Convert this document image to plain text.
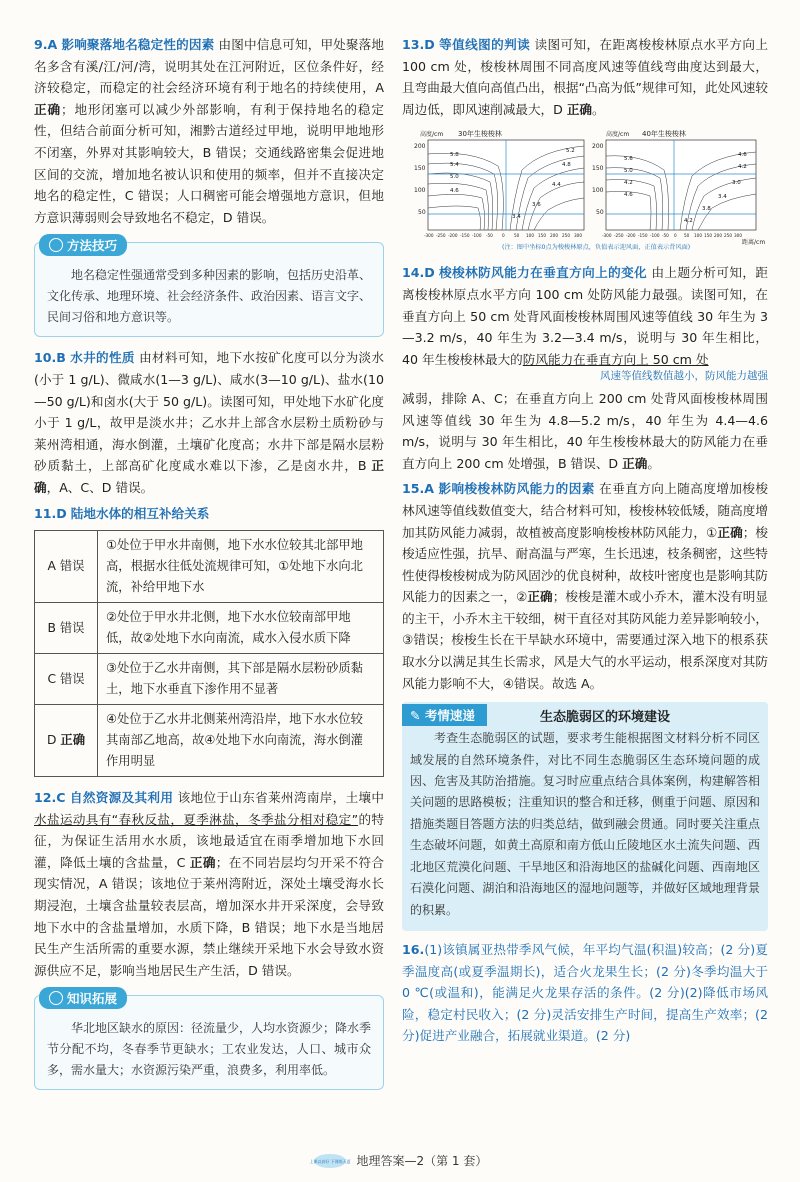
9.A 影响聚落地名稳定性的因素 由图中信息可知，甲处聚落地名多含有溪/江/河/湾，说明其处在江河附近，区位条件好，经济较稳定，而稳定的社会经济环境有利于地名的持续使用，A 正确；地形闭塞可以减少外部影响，有利于保持地名的稳定性，但结合前面分析可知，湘黔古道经过甲地，说明甲地地形不闭塞，外界对其影响较大，B 错误；交通线路密集会促进地区间的交流，增加地名被认识和使用的频率，但并不直接决定地名的稳定性，C 错误；人口稠密可能会增强地方意识，但地方意识薄弱则会导致地名不稳定，D 错误。

方法技巧

地名稳定性强通常受到多种因素的影响，包括历史沿革、文化传承、地理环境、社会经济条件、政治因素、语言文字、民间习俗和地方意识等。

10.B 水井的性质 由材料可知，地下水按矿化度可以分为淡水(小于 1 g/L)、微咸水(1—3 g/L)、咸水(3—10 g/L)、盐水(10—50 g/L)和卤水(大于 50 g/L)。读图可知，甲处地下水矿化度小于 1 g/L，故甲是淡水井；乙水井上部含水层粉土质粉砂与莱州湾相通，海水倒灌，土壤矿化度高；水井下部是隔水层粉砂质黏土，上部高矿化度咸水难以下渗，乙是卤水井，B 正确，A、C、D 错误。

11.D 陆地水体的相互补给关系

A 错误	①处位于甲水井南侧，地下水水位较其北部甲地高，根据水往低处流规律可知，①处地下水向北流，补给甲地下水
B 错误	②处位于甲水井北侧，地下水水位较南部甲地低，故②处地下水向南流，咸水入侵水质下降
C 错误	③处位于乙水井南侧，其下部是隔水层粉砂质黏土，地下水垂直下渗作用不显著
D 正确	④处位于乙水井北侧莱州湾沿岸，地下水水位较其南部乙地高，故④处地下水向南流，海水倒灌作用明显

12.C 自然资源及其利用 该地位于山东省莱州湾南岸，土壤中水盐运动具有“春秋反盐，夏季淋盐，冬季盐分相对稳定”的特征，为保证生活用水水质，该地最适宜在雨季增加地下水回灌，降低土壤的含盐量，C 正确；在不同岩层均匀开采不符合现实情况，A 错误；该地位于莱州湾附近，深处土壤受海水长期浸泡，土壤含盐量较表层高，增加深水井开采深度，会导致地下水中的含盐量增加，水质下降，B 错误；地下水是当地居民生产生活所需的重要水源，禁止继续开采地下水会导致水资源供应不足，影响当地居民生产生活，D 错误。

知识拓展

华北地区缺水的原因：径流量少，人均水资源少；降水季节分配不均，冬春季节更缺水；工农业发达，人口、城市众多，需水量大；水资源污染严重，浪费多，利用率低。

13.D 等值线图的判读 读图可知，在距离梭梭林原点水平方向上 100 cm 处，梭梭林周围不同高度风速等值线弯曲度达到最大，且弯曲最大值向高值凸出，根据“凸高为低”规律可知，此处风速较周边低，即风速削减最大，D 正确。

高度/cm 30年生梭梭林	高度/cm 40年生梭梭林
200
150
100
50
200
150
100
50
5.8
5.4
5.0
4.6
3.4
3.6
4.4
4.8
5.2
5.6
5.0
4.2
4.6
4.2
3.8
3.4
3.0
4.6
4.2
-300 -250 -200 -150 -100 -50 0 50 100 150 200 250 300	-300 -250 -200 -150 -100 -50 0 50 100 150 200 250 300
距离/cm
(注：图中坐标0点为梭梭林原点，负值表示迎风面，正值表示背风面)

14.D 梭梭林防风能力在垂直方向上的变化 由上题分析可知，距离梭梭林原点水平方向 100 cm 处防风能力最强。读图可知，在垂直方向上 50 cm 处背风面梭梭林周围风速等值线 30 年生为 3—3.2 m/s，40 年生为 3.2—3.4 m/s，说明与 30 年生相比，40 年生梭梭林最大的防风能力在垂直方向上 50 cm 处

风速等值线数值越小，防风能力越强

减弱，排除 A、C；在垂直方向上 200 cm 处背风面梭梭林周围风速等值线 30 年生为 4.8—5.2 m/s，40 年生为 4.4—4.6 m/s，说明与 30 年生相比，40 年生梭梭林最大的防风能力在垂直方向上 200 cm 处增强，B 错误、D 正确。

15.A 影响梭梭林防风能力的因素 在垂直方向上随高度增加梭梭林风速等值线数值变大，结合材料可知，梭梭林较低矮，随高度增加其防风能力减弱，故植被高度影响梭梭林防风能力，①正确；梭梭适应性强，抗旱、耐高温与严寒，生长迅速，枝条稠密，这些特性使得梭梭树成为防风固沙的优良树种，故枝叶密度也是影响其防风能力的因素之一，②正确；梭梭是灌木或小乔木，灌木没有明显的主干，小乔木主干较细，树干直径对其防风能力差异影响较小，③错误；梭梭生长在干旱缺水环境中，需要通过深入地下的根系获取水分以满足其生长需求，风是大气的水平运动，根系深度对其防风能力影响不大，④错误。故选 A。

✎ 考情速递	生态脆弱区的环境建设

考查生态脆弱区的试题，要求考生能根据图文材料分析不同区域发展的自然环境条件，对比不同生态脆弱区生态环境问题的成因、危害及其防治措施。复习时应重点结合具体案例，构建解答相关问题的思路模板；注重知识的整合和迁移，侧重于问题、原因和措施类题目答题方法的归类总结，做到融会贯通。同时要关注重点生态破坏问题，如黄土高原和南方低山丘陵地区水土流失问题、西北地区荒漠化问题、干旱地区和沿海地区的盐碱化问题、西南地区石漠化问题、湖泊和沿海地区的湿地问题等，并做好区域地理背景的积累。

16.(1)该镇属亚热带季风气候，年平均气温(积温)较高；(2 分)夏季温度高(或夏季温期长)，适合火龙果生长；(2 分)冬季均温大于 0 ℃(或温和)，能满足火龙果存活的条件。(2 分)(2)降低市场风险，稳定村民收入；(2 分)灵活安排生产时间，提高生产效率；(2 分)促进产业融合，拓展就业渠道。(2 分)

上课以真好 下课练天夏 地理答案—2（第 1 套）
